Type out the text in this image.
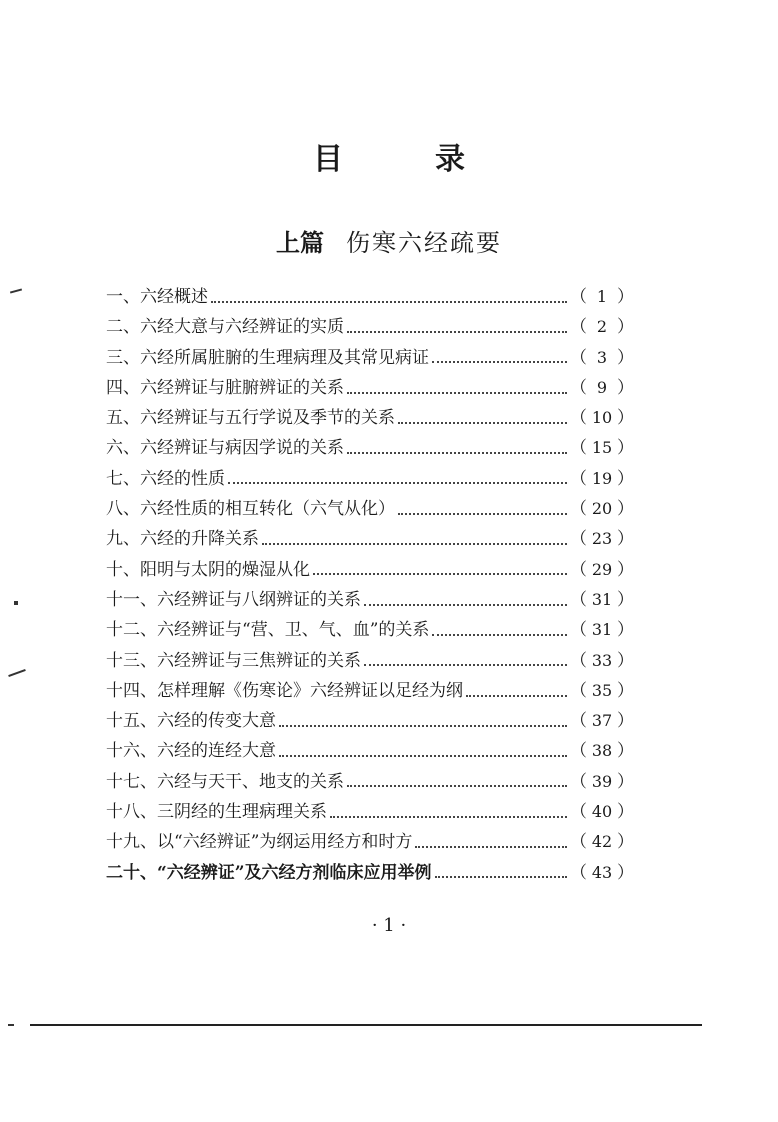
目录
上篇 伤寒六经疏要
一、六经概述	（ 1 ）
二、六经大意与六经辨证的实质	（ 2 ）
三、六经所属脏腑的生理病理及其常见病证	（ 3 ）
四、六经辨证与脏腑辨证的关系	（ 9 ）
五、六经辨证与五行学说及季节的关系	（ 10 ）
六、六经辨证与病因学说的关系	（ 15 ）
七、六经的性质	（ 19 ）
八、六经性质的相互转化（六气从化）	（ 20 ）
九、六经的升降关系	（ 23 ）
十、阳明与太阴的燥湿从化	（ 29 ）
十一、六经辨证与八纲辨证的关系	（ 31 ）
十二、六经辨证与“营、卫、气、血”的关系	（ 31 ）
十三、六经辨证与三焦辨证的关系	（ 33 ）
十四、怎样理解《伤寒论》六经辨证以足经为纲	（ 35 ）
十五、六经的传变大意	（ 37 ）
十六、六经的连经大意	（ 38 ）
十七、六经与天干、地支的关系	（ 39 ）
十八、三阴经的生理病理关系	（ 40 ）
十九、以“六经辨证”为纲运用经方和时方	（ 42 ）
二十、“六经辨证”及六经方剂临床应用举例	（ 43 ）
· 1 ·
